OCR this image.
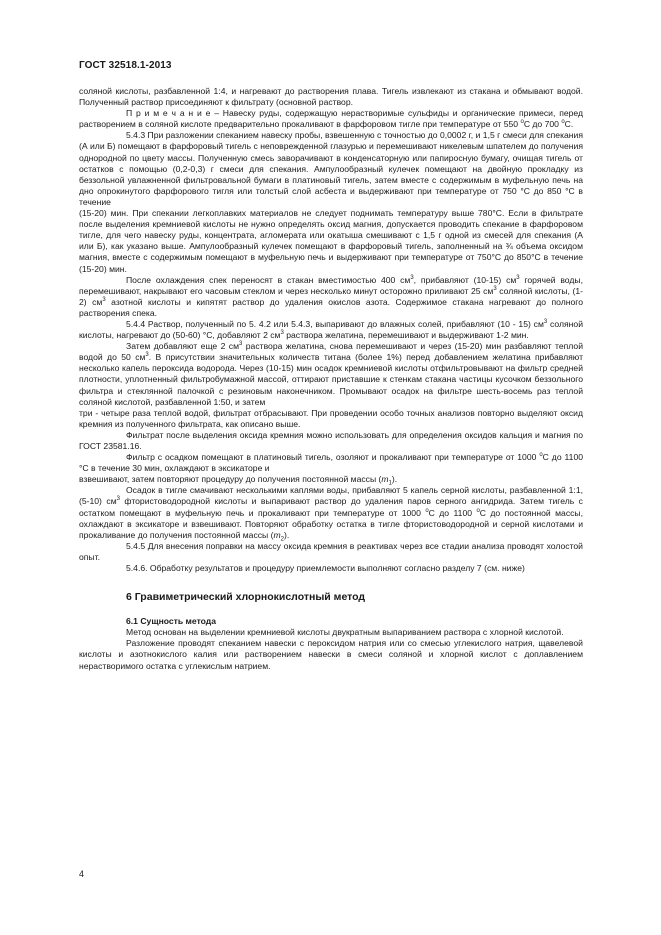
ГОСТ 32518.1-2013

соляной кислоты, разбавленной 1:4, и нагревают до растворения плава. Тигель извлекают из стакана и обмывают водой. Полученный раствор присоединяют к фильтрату (основной раствор.

П р и м е ч а н и е – Навеску руды, содержащую нерастворимые сульфиды и органические примеси, перед растворением в соляной кислоте предварительно прокаливают в фарфоровом тигле при температуре от 550 $^о$С до 700 $^о$С.

5.4.3 При разложении спеканием навеску пробы, взвешенную с точностью до 0,0002 г, и 1,5 г смеси для спекания (А или Б) помещают в фарфоровый тигель с неповрежденной глазурью и перемешивают никелевым шпателем до получения однородной по цвету массы. Полученную смесь заворачивают в конденсаторную или папиросную бумагу, очищая тигель от остатков с помощью (0,2-0,3) г смеси для спекания. Ампулообразный кулечек помещают на двойную прокладку из беззольной увлажненной фильтровальной бумаги в платиновый тигель, затем вместе с содержимым в муфельную печь на дно опрокинутого фарфорового тигля или толстый слой асбеста и выдерживают при температуре от 750 °С до 850 °С в течение

(15-20) мин. При спекании легкоплавких материалов не следует поднимать температуру выше 780°С. Если в фильтрате после выделения кремниевой кислоты не нужно определять оксид магния, допускается проводить спекание в фарфоровом тигле, для чего навеску руды, концентрата, агломерата или окатыша смешивают с 1,5 г одной из смесей для спекания (А или Б), как указано выше. Ампулообразный кулечек помещают в фарфоровый тигель, заполненный на ¾ объема оксидом магния, вместе с содержимым помещают в муфельную печь и выдерживают при температуре от 750°С до 850°С в течение (15-20) мин.

После охлаждения спек переносят в стакан вместимостью 400 $см^3$, прибавляют (10-15) $см^3$ горячей воды, перемешивают, накрывают его часовым стеклом и через несколько минут осторожно приливают 25 $см^3$ соляной кислоты, (1-2) $см^3$ азотной кислоты и кипятят раствор до удаления окислов азота. Содержимое стакана нагревают до полного растворения спека.

5.4.4 Раствор, полученный по 5. 4.2 или 5.4.3, выпаривают до влажных солей, прибавляют (10 - 15) $см^3$ соляной кислоты, нагревают до (50-60) °С, добавляют 2 $см^3$ раствора желатина, перемешивают и выдерживают 1-2 мин.

Затем добавляют еще 2 $см^3$ раствора желатина, снова перемешивают и через (15-20) мин разбавляют теплой водой до 50 $см^3$. В присутствии значительных количеств титана (более 1%) перед добавлением желатина прибавляют несколько капель пероксида водорода. Через (10-15) мин осадок кремниевой кислоты отфильтровывают на фильтр средней плотности, уплотненный фильтробумажной массой, оттирают приставшие к стенкам стакана частицы кусочком беззольного фильтра и стеклянной палочкой с резиновым наконечником. Промывают осадок на фильтре шесть-восемь раз теплой соляной кислотой, разбавленной 1:50, и затем

три - четыре раза теплой водой, фильтрат отбрасывают. При проведении особо точных анализов повторно выделяют оксид кремния из полученного фильтрата, как описано выше.

Фильтрат после выделения оксида кремния можно использовать для определения оксидов кальция и магния по ГОСТ 23581.16.

Фильтр с осадком помещают в платиновый тигель, озоляют и прокаливают при температуре от 1000 $^о$С до 1100 °С в течение 30 мин, охлаждают в эксикаторе и

взвешивают, затем повторяют процедуру до получения постоянной массы $(m_1)$.

Осадок в тигле смачивают несколькими каплями воды, прибавляют 5 капель серной кислоты, разбавленной 1:1, (5-10) $см^3$ фтористоводородной кислоты и выпаривают раствор до удаления паров серного ангидрида. Затем тигель с остатком помещают в муфельную печь и прокаливают при температуре от 1000 $^о$С до 1100 $^о$С до постоянной массы, охлаждают в эксикаторе и взвешивают. Повторяют обработку остатка в тигле фтористоводородной и серной кислотами и прокаливание до получения постоянной массы $(m_2)$.

5.4.5 Для внесения поправки на массу оксида кремния в реактивах через все стадии анализа проводят холостой опыт.

5.4.6. Обработку результатов и процедуру приемлемости выполняют согласно разделу 7 (см. ниже)

6 Гравиметрический хлорнокислотный метод

6.1 Сущность метода

Метод основан на выделении кремниевой кислоты двукратным выпариванием раствора с хлорной кислотой.

Разложение проводят спеканием навески с пероксидом натрия или со смесью углекислого натрия, щавелевой кислоты и азотнокислого калия или растворением навески в смеси соляной и хлорной кислот с доплавлением нерастворимого остатка с углекислым натрием.

4
